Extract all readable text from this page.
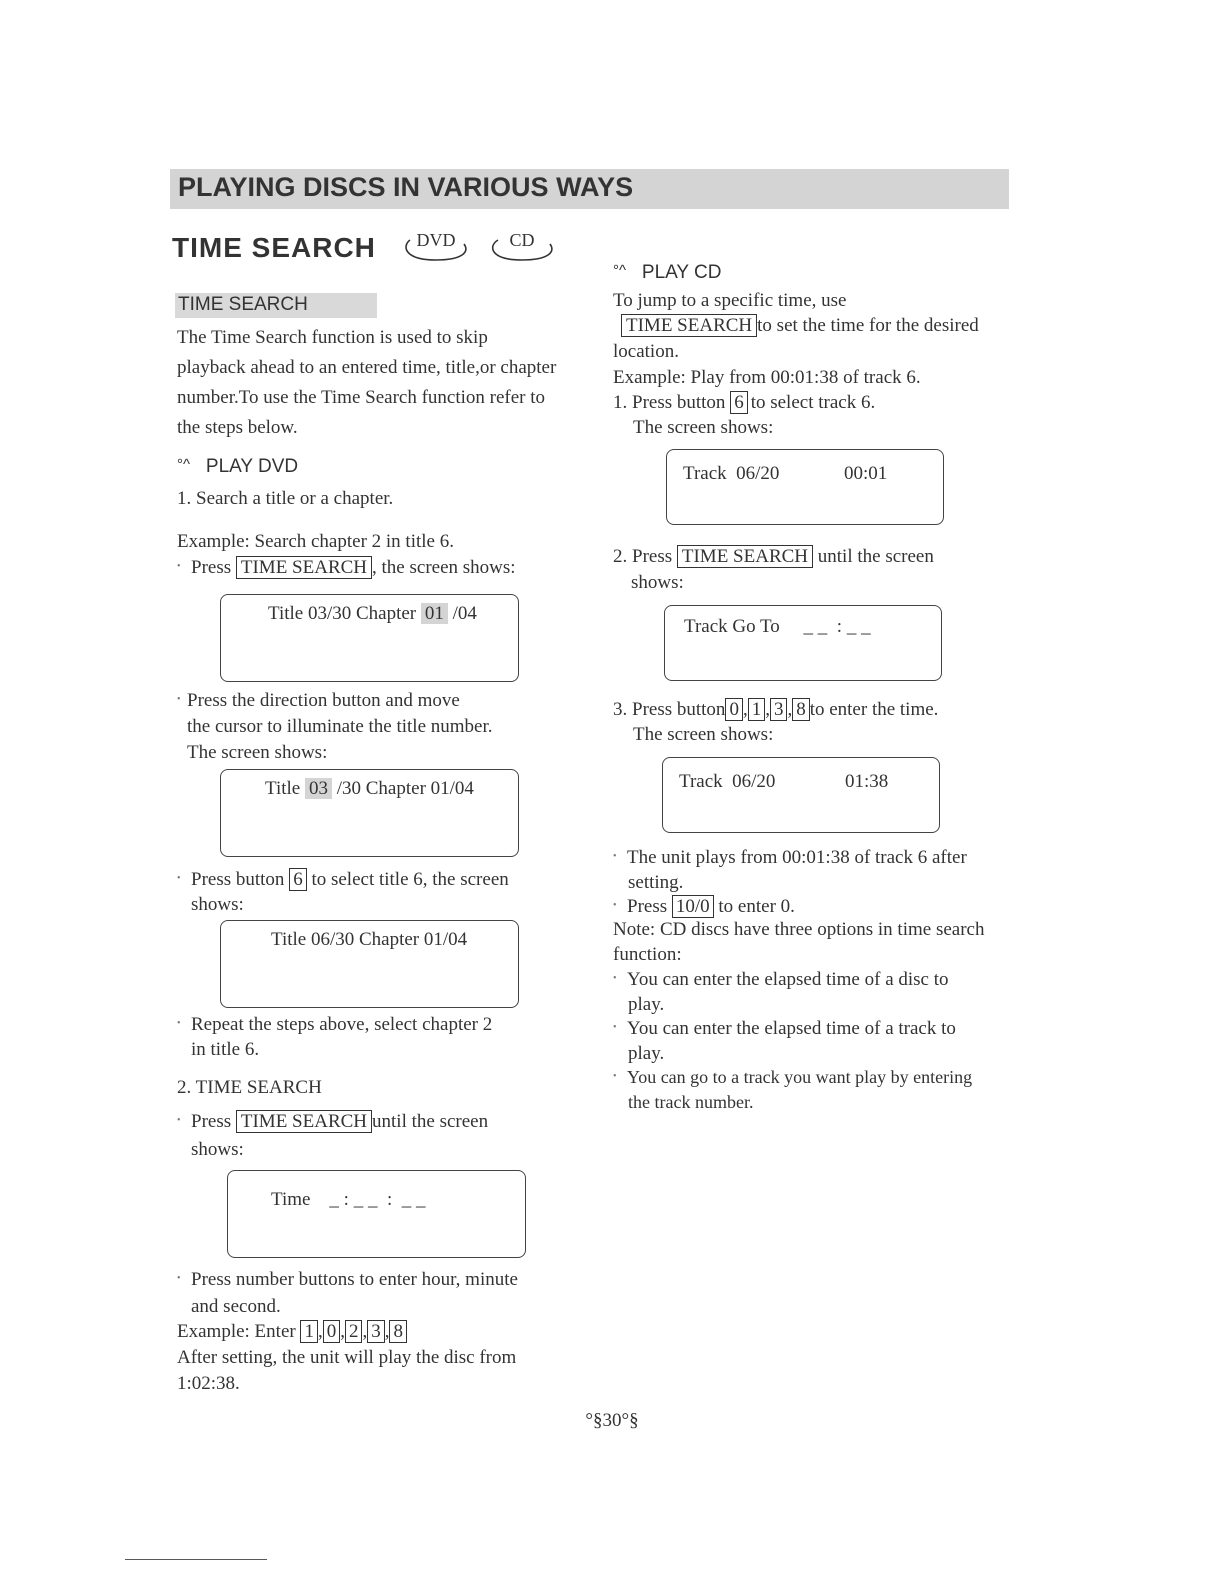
PLAYING DISCS IN VARIOUS WAYS
TIME SEARCH	DVD	CD
TIME SEARCH
The Time Search function is used to skip
playback ahead to an entered time, title,or chapter
number.To use the Time Search function refer to
the steps below.
°^ PLAY DVD
1. Search a title or a chapter.
Example: Search chapter 2 in title 6.
• Press TIME SEARCH , the screen shows:
Title 03/30 Chapter 01 /04
• Press the direction button and move
the cursor to illuminate the title number.
The screen shows:
Title 03 /30 Chapter 01/04
• Press button 6 to select title 6, the screen
shows:
Title 06/30 Chapter 01/04
• Repeat the steps above, select chapter 2
in title 6.
2. TIME SEARCH
• Press TIME SEARCH until the screen
shows:
Time    _ : _ _  :  _ _
• Press number buttons to enter hour, minute
and second.
Example: Enter 1 , 0 , 2 , 3 , 8
After setting, the unit will play the disc from
1:02:38.
°^ PLAY CD
To jump to a specific time, use
TIME SEARCH to set the time for the desired
location.
Example: Play from 00:01:38 of track 6.
1. Press button 6 to select track 6.
The screen shows:
Track  06/20	00:01
2. Press TIME SEARCH until the screen
shows:
Track Go To     _ _  : _ _
3. Press button 0 , 1 , 3 , 8 to enter the time.
The screen shows:
Track  06/20	01:38
• The unit plays from 00:01:38 of track 6 after
setting.
• Press 10/0 to enter 0.
Note: CD discs have three options in time search
function:
• You can enter the elapsed time of a disc to
play.
• You can enter the elapsed time of a track to
play.
• You can go to a track you want play by entering
the track number.
°§30°§
